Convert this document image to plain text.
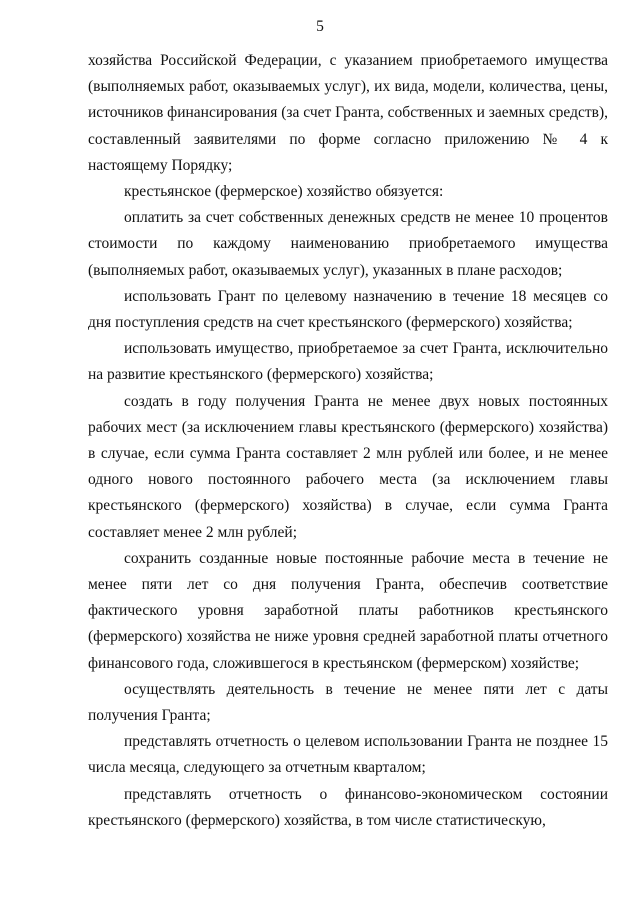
5

хозяйства Российской Федерации, с указанием приобретаемого имущества (выполняемых работ, оказываемых услуг), их вида, модели, количества, цены, источников финансирования (за счет Гранта, собственных и заемных средств), составленный заявителями по форме согласно приложению № 4 к настоящему Порядку;

крестьянское (фермерское) хозяйство обязуется:

оплатить за счет собственных денежных средств не менее 10 процентов стоимости по каждому наименованию приобретаемого имущества (выполняемых работ, оказываемых услуг), указанных в плане расходов;

использовать Грант по целевому назначению в течение 18 месяцев со дня поступления средств на счет крестьянского (фермерского) хозяйства;

использовать имущество, приобретаемое за счет Гранта, исключительно на развитие крестьянского (фермерского) хозяйства;

создать в году получения Гранта не менее двух новых постоянных рабочих мест (за исключением главы крестьянского (фермерского) хозяйства) в случае, если сумма Гранта составляет 2 млн рублей или более, и не менее одного нового постоянного рабочего места (за исключением главы крестьянского (фермерского) хозяйства) в случае, если сумма Гранта составляет менее 2 млн рублей;

сохранить созданные новые постоянные рабочие места в течение не менее пяти лет со дня получения Гранта, обеспечив соответствие фактического уровня заработной платы работников крестьянского (фермерского) хозяйства не ниже уровня средней заработной платы отчетного финансового года, сложившегося в крестьянском (фермерском) хозяйстве;

осуществлять деятельность в течение не менее пяти лет с даты получения Гранта;

представлять отчетность о целевом использовании Гранта не позднее 15 числа месяца, следующего за отчетным кварталом;

представлять отчетность о финансово-экономическом состоянии крестьянского (фермерского) хозяйства, в том числе статистическую,
